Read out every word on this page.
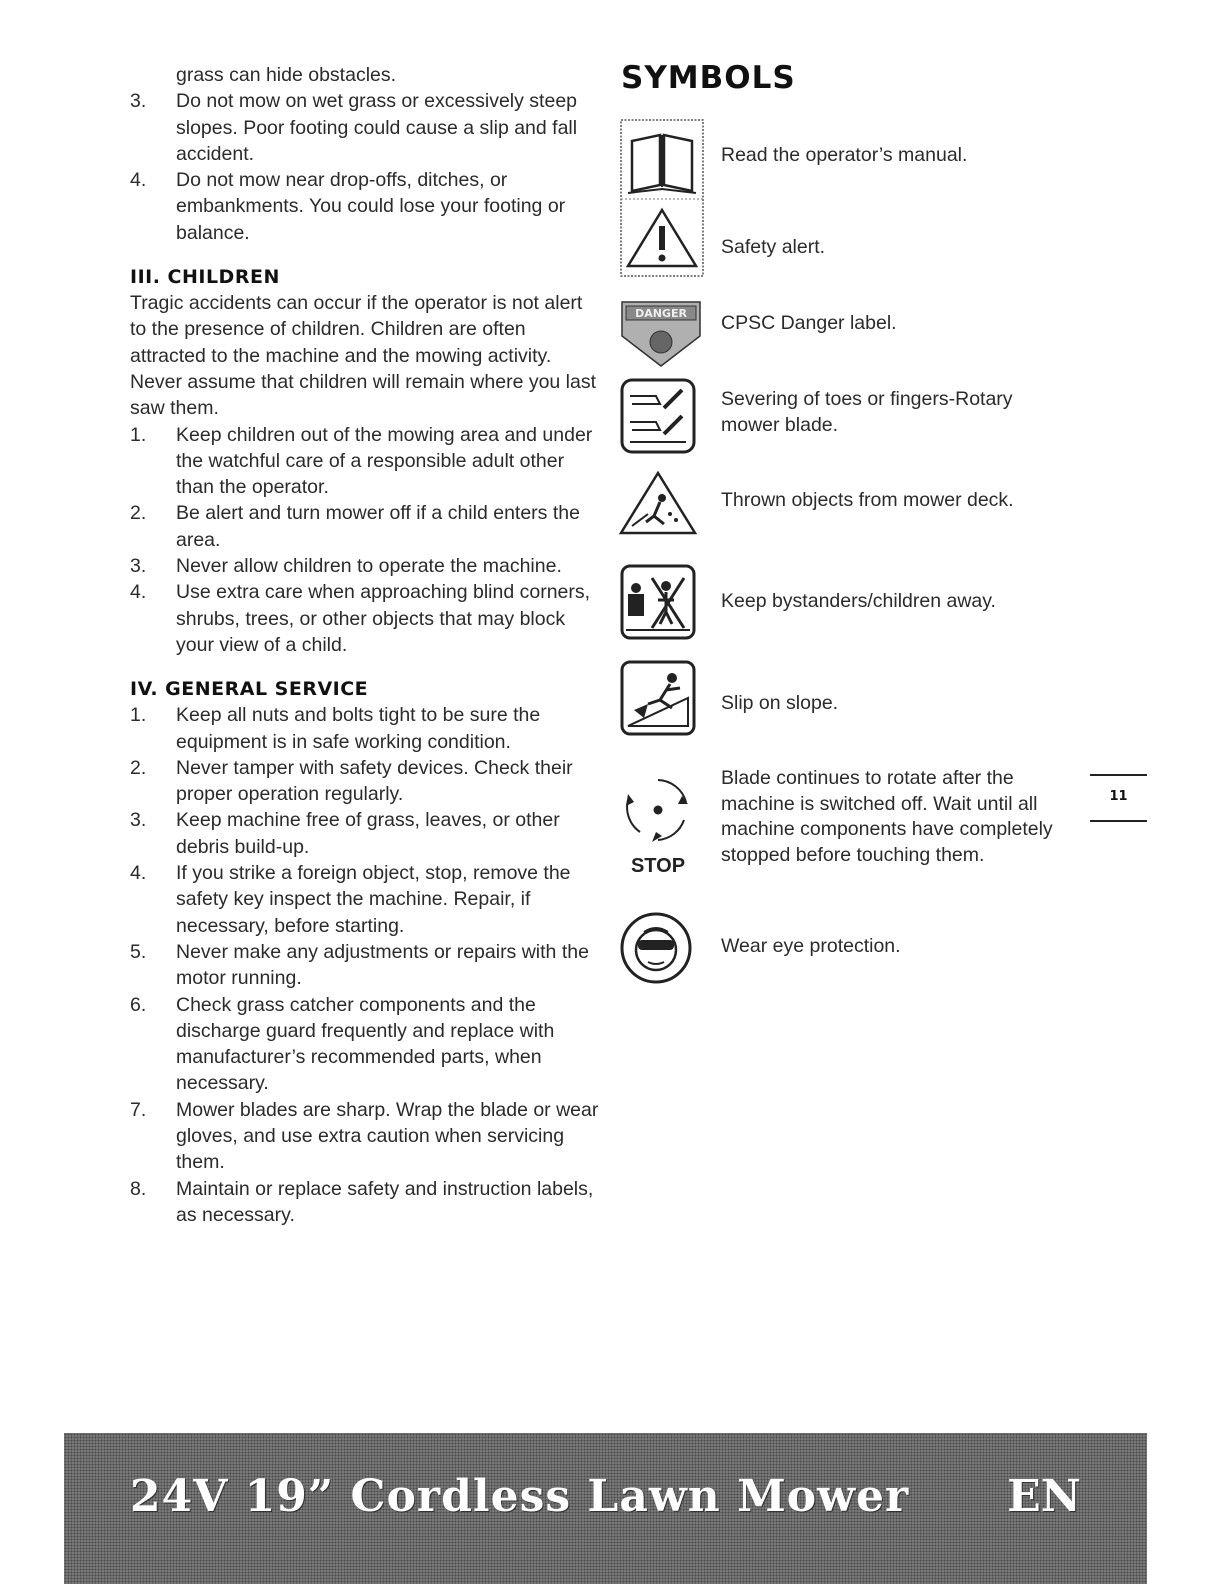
grass can hide obstacles.
3.	Do not mow on wet grass or excessively steep slopes. Poor footing could cause a slip and fall accident.
4.	Do not mow near drop-offs, ditches, or embankments. You could lose your footing or balance.
III. CHILDREN
Tragic accidents can occur if the operator is not alert to the presence of children. Children are often attracted to the machine and the mowing activity. Never assume that children will remain where you last saw them.
1.	Keep children out of the mowing area and under the watchful care of a responsible adult other than the operator.
2.	Be alert and turn mower off if a child enters the area.
3.	Never allow children to operate the machine.
4.	Use extra care when approaching blind corners, shrubs, trees, or other objects that may block your view of a child.
IV. GENERAL SERVICE
1.	Keep all nuts and bolts tight to be sure the equipment is in safe working condition.
2.	Never tamper with safety devices. Check their proper operation regularly.
3.	Keep machine free of grass, leaves, or other debris build-up.
4.	If you strike a foreign object, stop, remove the safety key inspect the machine. Repair, if necessary, before starting.
5.	Never make any adjustments or repairs with the motor running.
6.	Check grass catcher components and the discharge guard frequently and replace with manufacturer’s recommended parts, when necessary.
7.	Mower blades are sharp. Wrap the blade or wear gloves, and use extra caution when servicing them.
8.	Maintain or replace safety and instruction labels, as necessary.
SYMBOLS
Read the operator’s manual.
Safety alert.
DANGER CPSC Danger label.
Severing of toes or fingers-Rotary mower blade.
Thrown objects from mower deck.
Keep bystanders/children away.
Slip on slope.
STOP
Blade continues to rotate after the machine is switched off. Wait until all machine components have completely stopped before touching them.
Wear eye protection.
11
24V 19” Cordless Lawn Mower EN
